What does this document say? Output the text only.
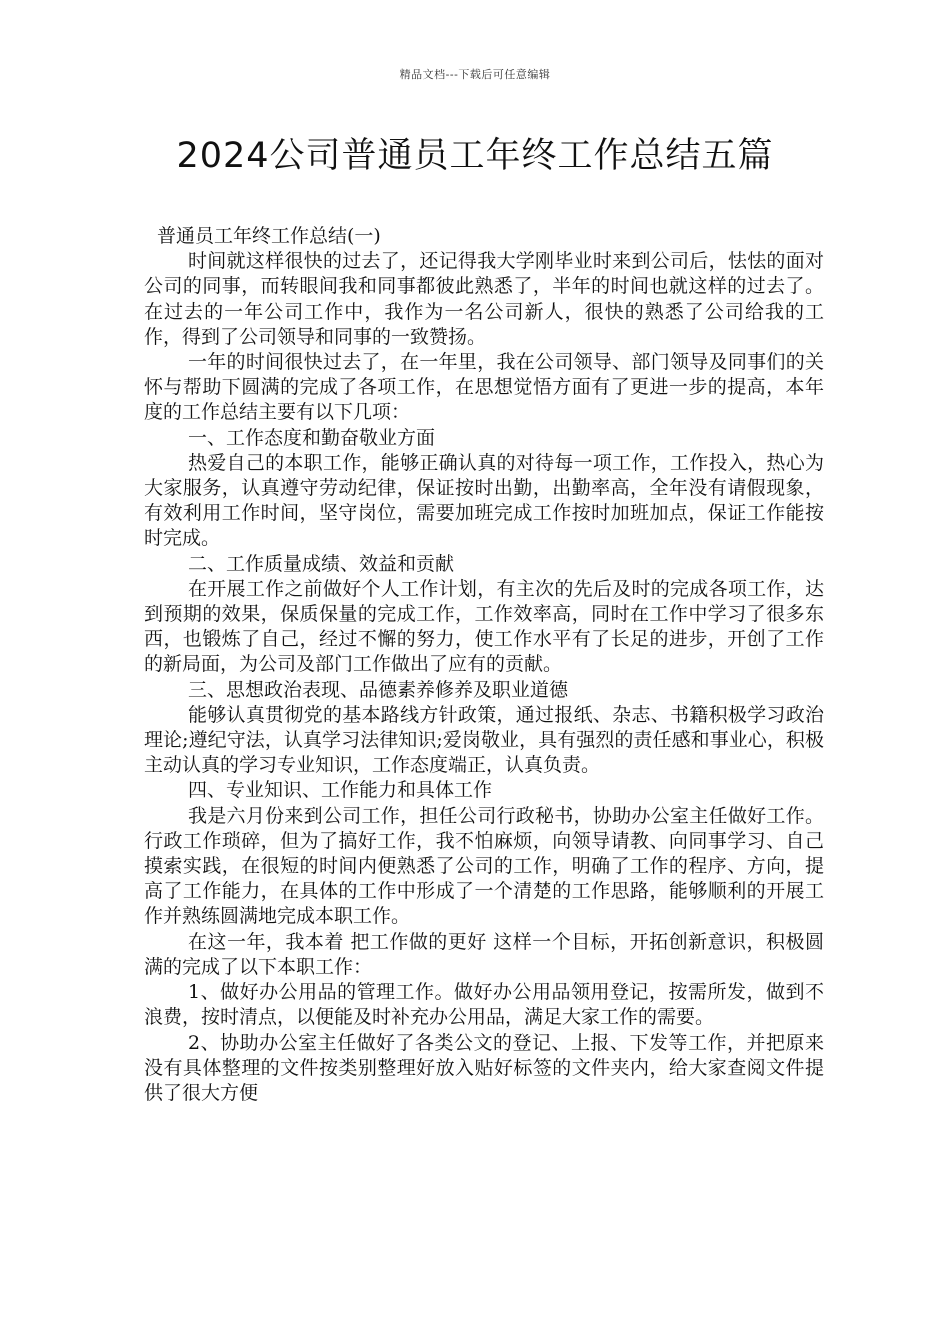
精品文档---下载后可任意编辑
2024公司普通员工年终工作总结五篇

普通员工年终工作总结(一)

时间就这样很快的过去了，还记得我大学刚毕业时来到公司后，怯怯的面对公司的同事，而转眼间我和同事都彼此熟悉了，半年的时间也就这样的过去了。在过去的一年公司工作中，我作为一名公司新人，很快的熟悉了公司给我的工作，得到了公司领导和同事的一致赞扬。

一年的时间很快过去了，在一年里，我在公司领导、部门领导及同事们的关怀与帮助下圆满的完成了各项工作，在思想觉悟方面有了更进一步的提高，本年度的工作总结主要有以下几项：

一、工作态度和勤奋敬业方面

热爱自己的本职工作，能够正确认真的对待每一项工作，工作投入，热心为大家服务，认真遵守劳动纪律，保证按时出勤，出勤率高，全年没有请假现象，有效利用工作时间，坚守岗位，需要加班完成工作按时加班加点，保证工作能按时完成。

二、工作质量成绩、效益和贡献

在开展工作之前做好个人工作计划，有主次的先后及时的完成各项工作，达到预期的效果，保质保量的完成工作，工作效率高，同时在工作中学习了很多东西，也锻炼了自己，经过不懈的努力，使工作水平有了长足的进步，开创了工作的新局面，为公司及部门工作做出了应有的贡献。

三、思想政治表现、品德素养修养及职业道德

能够认真贯彻党的基本路线方针政策，通过报纸、杂志、书籍积极学习政治理论;遵纪守法，认真学习法律知识;爱岗敬业，具有强烈的责任感和事业心，积极主动认真的学习专业知识，工作态度端正，认真负责。

四、专业知识、工作能力和具体工作

我是六月份来到公司工作，担任公司行政秘书，协助办公室主任做好工作。行政工作琐碎，但为了搞好工作，我不怕麻烦，向领导请教、向同事学习、自己摸索实践，在很短的时间内便熟悉了公司的工作，明确了工作的程序、方向，提高了工作能力，在具体的工作中形成了一个清楚的工作思路，能够顺利的开展工作并熟练圆满地完成本职工作。

在这一年，我本着 把工作做的更好 这样一个目标，开拓创新意识，积极圆满的完成了以下本职工作：

1、做好办公用品的管理工作。做好办公用品领用登记，按需所发，做到不浪费，按时清点，以便能及时补充办公用品，满足大家工作的需要。

2、协助办公室主任做好了各类公文的登记、上报、下发等工作，并把原来没有具体整理的文件按类别整理好放入贴好标签的文件夹内，给大家查阅文件提供了很大方便
